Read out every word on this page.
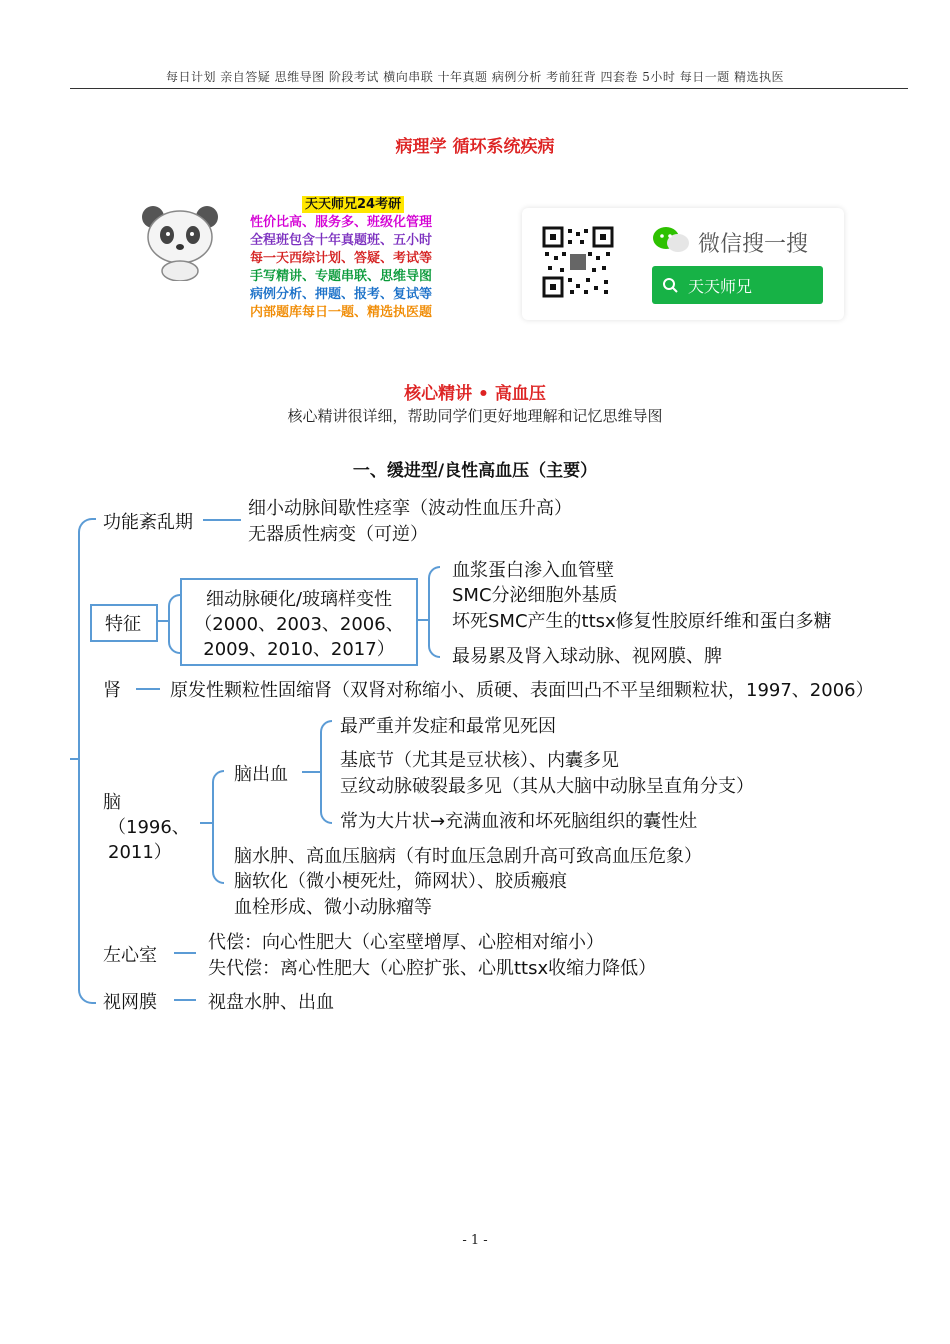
每日计划 亲自答疑 思维导图 阶段考试 横向串联 十年真题 病例分析 考前狂背 四套卷 5小时 每日一题 精选执医
病理学 循环系统疾病
天天师兄24考研
性价比高、服务多、班级化管理
全程班包含十年真题班、五小时
每一天西综计划、答疑、考试等
手写精讲、专题串联、思维导图
病例分析、押题、报考、复试等
内部题库每日一题、精选执医题
微信搜一搜
天天师兄
核心精讲 • 高血压
核心精讲很详细，帮助同学们更好地理解和记忆思维导图
一、缓进型/良性高血压（主要）
功能紊乱期
细小动脉间歇性痉挛（波动性血压升高）
无器质性病变（可逆）
特征
细动脉硬化/玻璃样变性
（2000、2003、2006、
2009、2010、2017）
血浆蛋白渗入血管壁
SMC分泌细胞外基质
坏死SMC产生的ttsx修复性胶原纤维和蛋白多糖
最易累及肾入球动脉、视网膜、脾
肾	原发性颗粒性固缩肾（双肾对称缩小、质硬、表面凹凸不平呈细颗粒状，1997、2006）
脑
（1996、
2011）
脑出血
最严重并发症和最常见死因
基底节（尤其是豆状核）、内囊多见
豆纹动脉破裂最多见（其从大脑中动脉呈直角分支）
常为大片状→充满血液和坏死脑组织的囊性灶
脑水肿、高血压脑病（有时血压急剧升高可致高血压危象）
脑软化（微小梗死灶，筛网状）、胶质瘢痕
血栓形成、微小动脉瘤等
左心室
代偿：向心性肥大（心室壁增厚、心腔相对缩小）
失代偿：离心性肥大（心腔扩张、心肌ttsx收缩力降低）
视网膜	视盘水肿、出血
- 1 -
